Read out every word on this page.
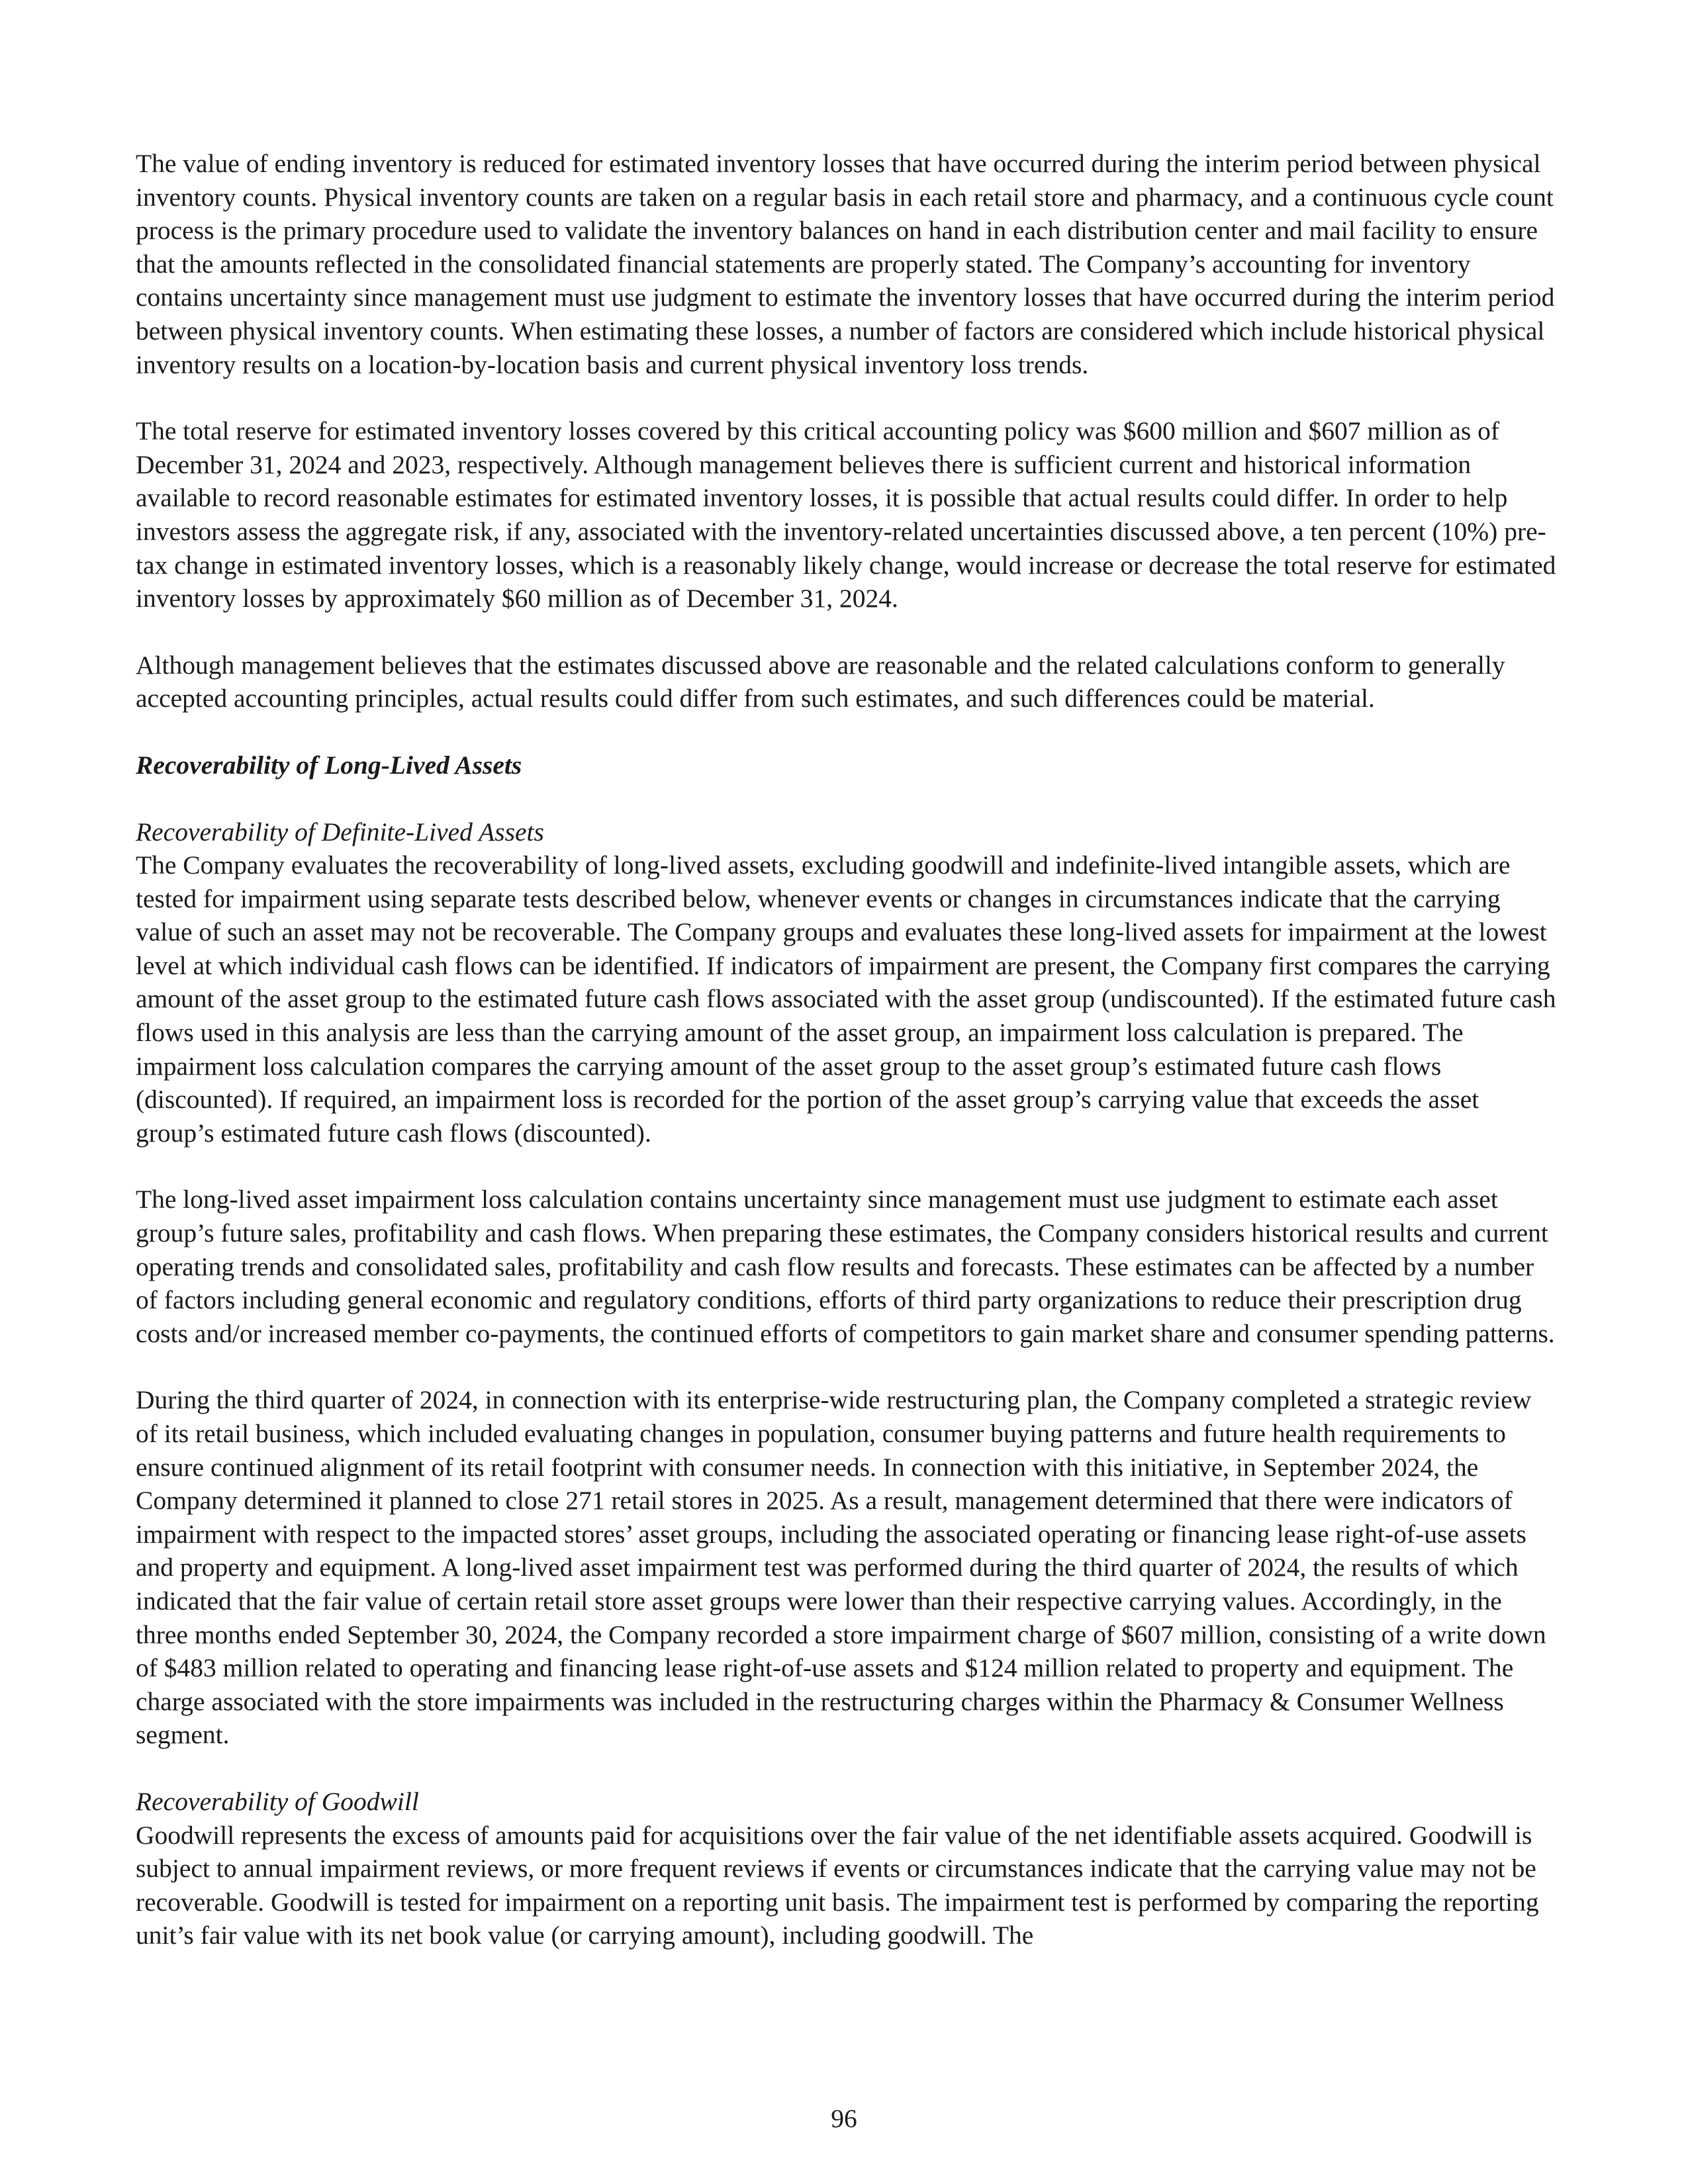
The value of ending inventory is reduced for estimated inventory losses that have occurred during the interim period between physical inventory counts. Physical inventory counts are taken on a regular basis in each retail store and pharmacy, and a continuous cycle count process is the primary procedure used to validate the inventory balances on hand in each distribution center and mail facility to ensure that the amounts reflected in the consolidated financial statements are properly stated. The Company’s accounting for inventory contains uncertainty since management must use judgment to estimate the inventory losses that have occurred during the interim period between physical inventory counts. When estimating these losses, a number of factors are considered which include historical physical inventory results on a location-by-location basis and current physical inventory loss trends.

The total reserve for estimated inventory losses covered by this critical accounting policy was $600 million and $607 million as of December 31, 2024 and 2023, respectively. Although management believes there is sufficient current and historical information available to record reasonable estimates for estimated inventory losses, it is possible that actual results could differ. In order to help investors assess the aggregate risk, if any, associated with the inventory-related uncertainties discussed above, a ten percent (10%) pre-tax change in estimated inventory losses, which is a reasonably likely change, would increase or decrease the total reserve for estimated inventory losses by approximately $60 million as of December 31, 2024.

Although management believes that the estimates discussed above are reasonable and the related calculations conform to generally accepted accounting principles, actual results could differ from such estimates, and such differences could be material.

Recoverability of Long-Lived Assets

Recoverability of Definite-Lived Assets

The Company evaluates the recoverability of long-lived assets, excluding goodwill and indefinite-lived intangible assets, which are tested for impairment using separate tests described below, whenever events or changes in circumstances indicate that the carrying value of such an asset may not be recoverable. The Company groups and evaluates these long-lived assets for impairment at the lowest level at which individual cash flows can be identified. If indicators of impairment are present, the Company first compares the carrying amount of the asset group to the estimated future cash flows associated with the asset group (undiscounted). If the estimated future cash flows used in this analysis are less than the carrying amount of the asset group, an impairment loss calculation is prepared. The impairment loss calculation compares the carrying amount of the asset group to the asset group’s estimated future cash flows (discounted). If required, an impairment loss is recorded for the portion of the asset group’s carrying value that exceeds the asset group’s estimated future cash flows (discounted).

The long-lived asset impairment loss calculation contains uncertainty since management must use judgment to estimate each asset group’s future sales, profitability and cash flows. When preparing these estimates, the Company considers historical results and current operating trends and consolidated sales, profitability and cash flow results and forecasts. These estimates can be affected by a number of factors including general economic and regulatory conditions, efforts of third party organizations to reduce their prescription drug costs and/or increased member co-payments, the continued efforts of competitors to gain market share and consumer spending patterns.

During the third quarter of 2024, in connection with its enterprise-wide restructuring plan, the Company completed a strategic review of its retail business, which included evaluating changes in population, consumer buying patterns and future health requirements to ensure continued alignment of its retail footprint with consumer needs. In connection with this initiative, in September 2024, the Company determined it planned to close 271 retail stores in 2025. As a result, management determined that there were indicators of impairment with respect to the impacted stores’ asset groups, including the associated operating or financing lease right-of-use assets and property and equipment. A long-lived asset impairment test was performed during the third quarter of 2024, the results of which indicated that the fair value of certain retail store asset groups were lower than their respective carrying values. Accordingly, in the three months ended September 30, 2024, the Company recorded a store impairment charge of $607 million, consisting of a write down of $483 million related to operating and financing lease right-of-use assets and $124 million related to property and equipment. The charge associated with the store impairments was included in the restructuring charges within the Pharmacy & Consumer Wellness segment.

Recoverability of Goodwill

Goodwill represents the excess of amounts paid for acquisitions over the fair value of the net identifiable assets acquired. Goodwill is subject to annual impairment reviews, or more frequent reviews if events or circumstances indicate that the carrying value may not be recoverable. Goodwill is tested for impairment on a reporting unit basis. The impairment test is performed by comparing the reporting unit’s fair value with its net book value (or carrying amount), including goodwill. The

96
